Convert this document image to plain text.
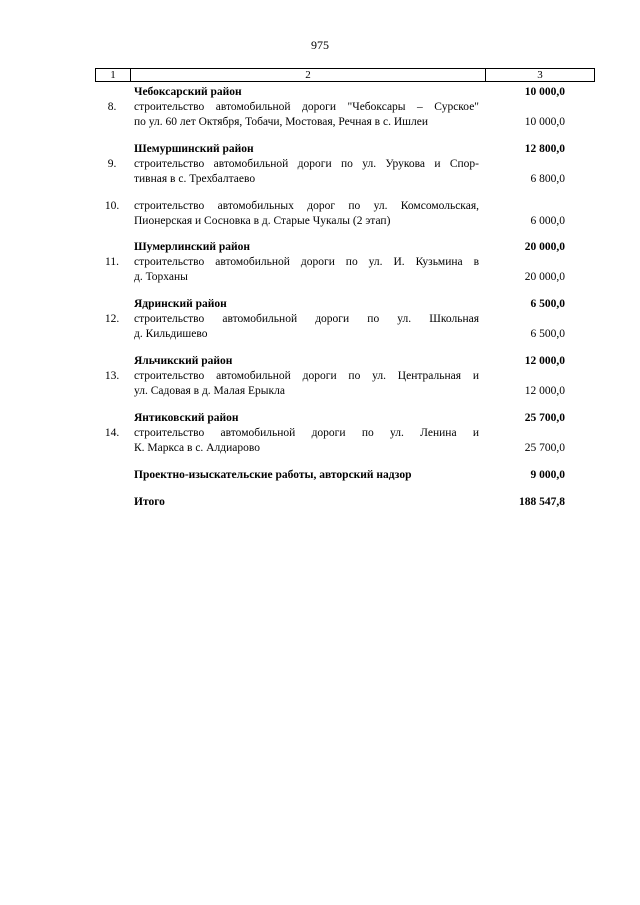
975
1	2	3
Чебоксарский район	10 000,0
8.	строительство автомобильной дороги "Чебоксары – Сурское"
по ул. 60 лет Октября, Тобачи, Мостовая, Речная в с. Ишлеи	10 000,0
Шемуршинский район	12 800,0
9.	строительство автомобильной дороги по ул. Урукова и Спор-
тивная в с. Трехбалтаево	6 800,0
10.	строительство автомобильных дорог по ул. Комсомольская,
Пионерская и Сосновка в д. Старые Чукалы (2 этап)	6 000,0
Шумерлинский район	20 000,0
11.	строительство автомобильной дороги по ул. И. Кузьмина в
д. Торханы	20 000,0
Ядринский район	6 500,0
12.	строительство автомобильной дороги по ул. Школьная
д. Кильдишево	6 500,0
Яльчикский район	12 000,0
13.	строительство автомобильной дороги по ул. Центральная и
ул. Садовая в д. Малая Ерыкла	12 000,0
Янтиковский район	25 700,0
14.	строительство автомобильной дороги по ул. Ленина и
К. Маркса в с. Алдиарово	25 700,0
Проектно-изыскательские работы, авторский надзор	9 000,0
Итого	188 547,8
